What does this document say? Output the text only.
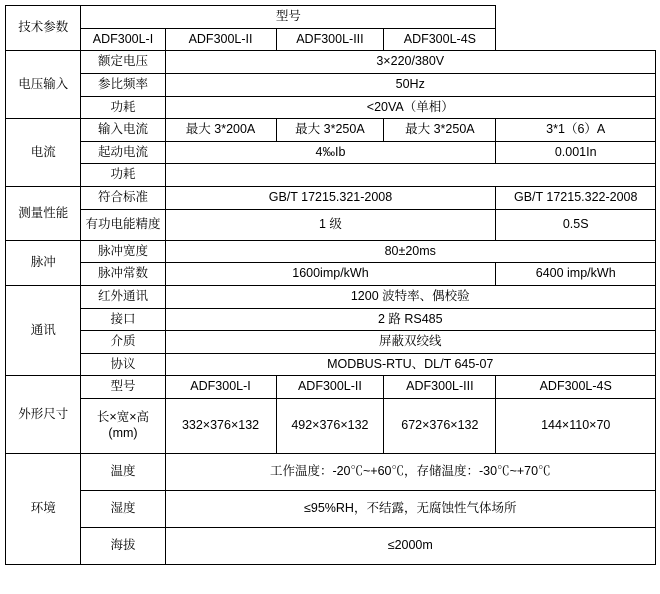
技术参数	型号				
	ADF300L-I	ADF300L-II	ADF300L-III	ADF300L-4S	
电压输入	额定电压	3×220/380V			
	参比频率	50Hz			
	功耗	<20VA（单相）			
电流	输入电流	最大 3*200A	最大 3*250A	最大 3*250A	3*1（6）A
	起动电流	4‰Ib			0.001In
	功耗				
测量性能	符合标准	GB/T 17215.321-2008			GB/T 17215.322-2008
	有功电能精度	1 级			0.5S
脉冲	脉冲宽度	80±20ms			
	脉冲常数	1600imp/kWh			6400 imp/kWh
通讯	红外通讯	1200 波特率、偶校验			
	接口	2 路 RS485			
	介质	屏蔽双绞线			
	协议	MODBUS-RTU、DL/T 645-07			
外形尺寸	型号	ADF300L-I	ADF300L-II	ADF300L-III	ADF300L-4S
	长×宽×高(mm)	332×376×132	492×376×132	672×376×132	144×110×70
环境	温度	工作温度：-20℃~+60℃，存储温度：-30℃~+70℃			
	湿度	≤95%RH，不结露，无腐蚀性气体场所			
	海拔	≤2000m			
